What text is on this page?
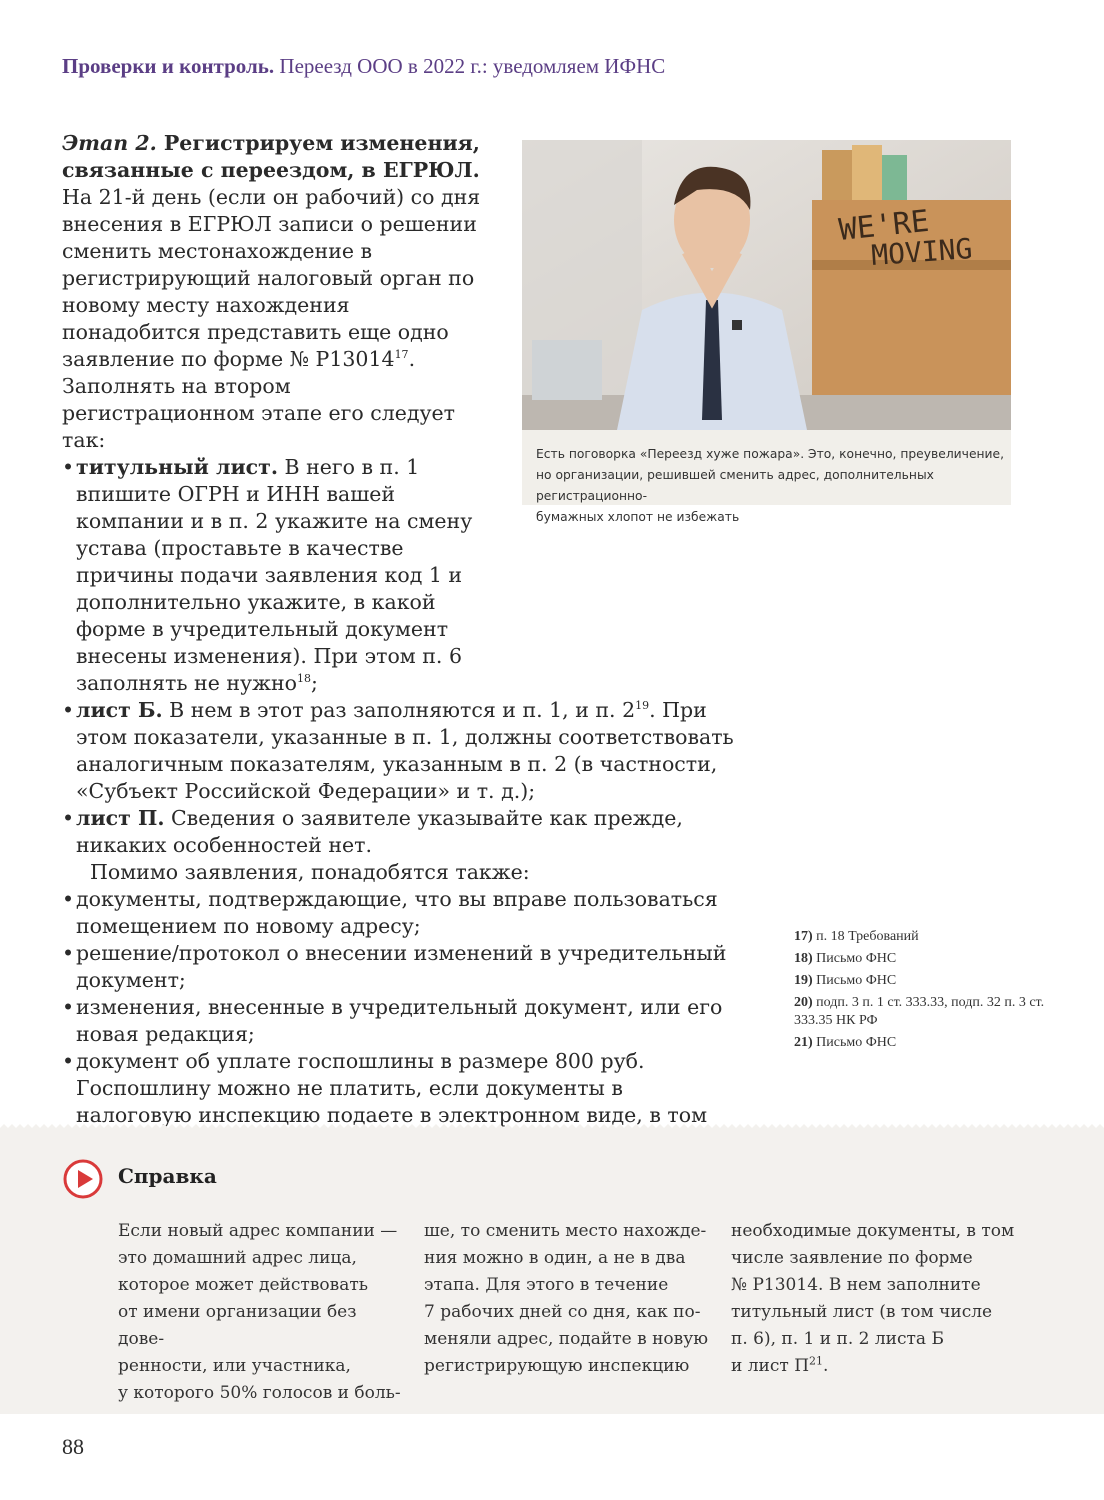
Проверки и контроль. Переезд ООО в 2022 г.: уведомляем ИФНС

Этап 2. Регистрируем изменения, связанные с переездом, в ЕГРЮЛ. На 21-й день (если он рабочий) со дня внесения в ЕГРЮЛ записи о решении сменить местонахождение в регистрирующий налоговый орган по новому месту нахождения понадобится представить еще одно заявление по форме № Р13014$^{17}$. Заполнять на втором регистрационном этапе его следует так:

• титульный лист. В него в п. 1 впишите ОГРН и ИНН вашей компании и в п. 2 укажите на смену устава (проставьте в качестве причины подачи заявления код 1 и дополнительно укажите, в какой форме в учредительный документ внесены изменения). При этом п. 6 заполнять не нужно$^{18}$;
• лист Б. В нем в этот раз заполняются и п. 1, и п. $2^{19}$. При этом показатели, указанные в п. 1, должны соответствовать аналогичным показателям, указанным в п. 2 (в частности, «Субъект Российской Федерации» и т. д.);
• лист П. Сведения о заявителе указывайте как прежде, никаких особенностей нет.

Помимо заявления, понадобятся также:

• документы, подтверждающие, что вы вправе пользоваться помещением по новому адресу;
• решение/протокол о внесении изменений в учредительный документ;
• изменения, внесенные в учредительный документ, или его новая редакция;
• документ об уплате госпошлины в размере 800 руб. Госпошлину можно не платить, если документы в налоговую инспекцию подаете в электронном виде, в том
WE'RE
MOVING
Есть поговорка «Переезд хуже пожара». Это, конечно, преувеличение,
но организации, решившей сменить адрес, дополнительных регистрационно-
бумажных хлопот не избежать
17) п. 18 Требований
18) Письмо ФНС
19) Письмо ФНС
20) подп. 3 п. 1 ст. 333.33, подп. 32 п. 3 ст. 333.35 НК РФ
21) Письмо ФНС
Справка
Если новый адрес компании —
это домашний адрес лица,
которое может действовать
от имени организации без дове-
ренности, или участника,
у которого 50% голосов и боль-
ше, то сменить место нахожде-
ния можно в один, а не в два
этапа. Для этого в течение
7 рабочих дней со дня, как по-
меняли адрес, подайте в новую
регистрирующую инспекцию
необходимые документы, в том
числе заявление по форме
№ Р13014. В нем заполните
титульный лист (в том числе
п. 6), п. 1 и п. 2 листа Б
и лист $П^{21}$.
88
